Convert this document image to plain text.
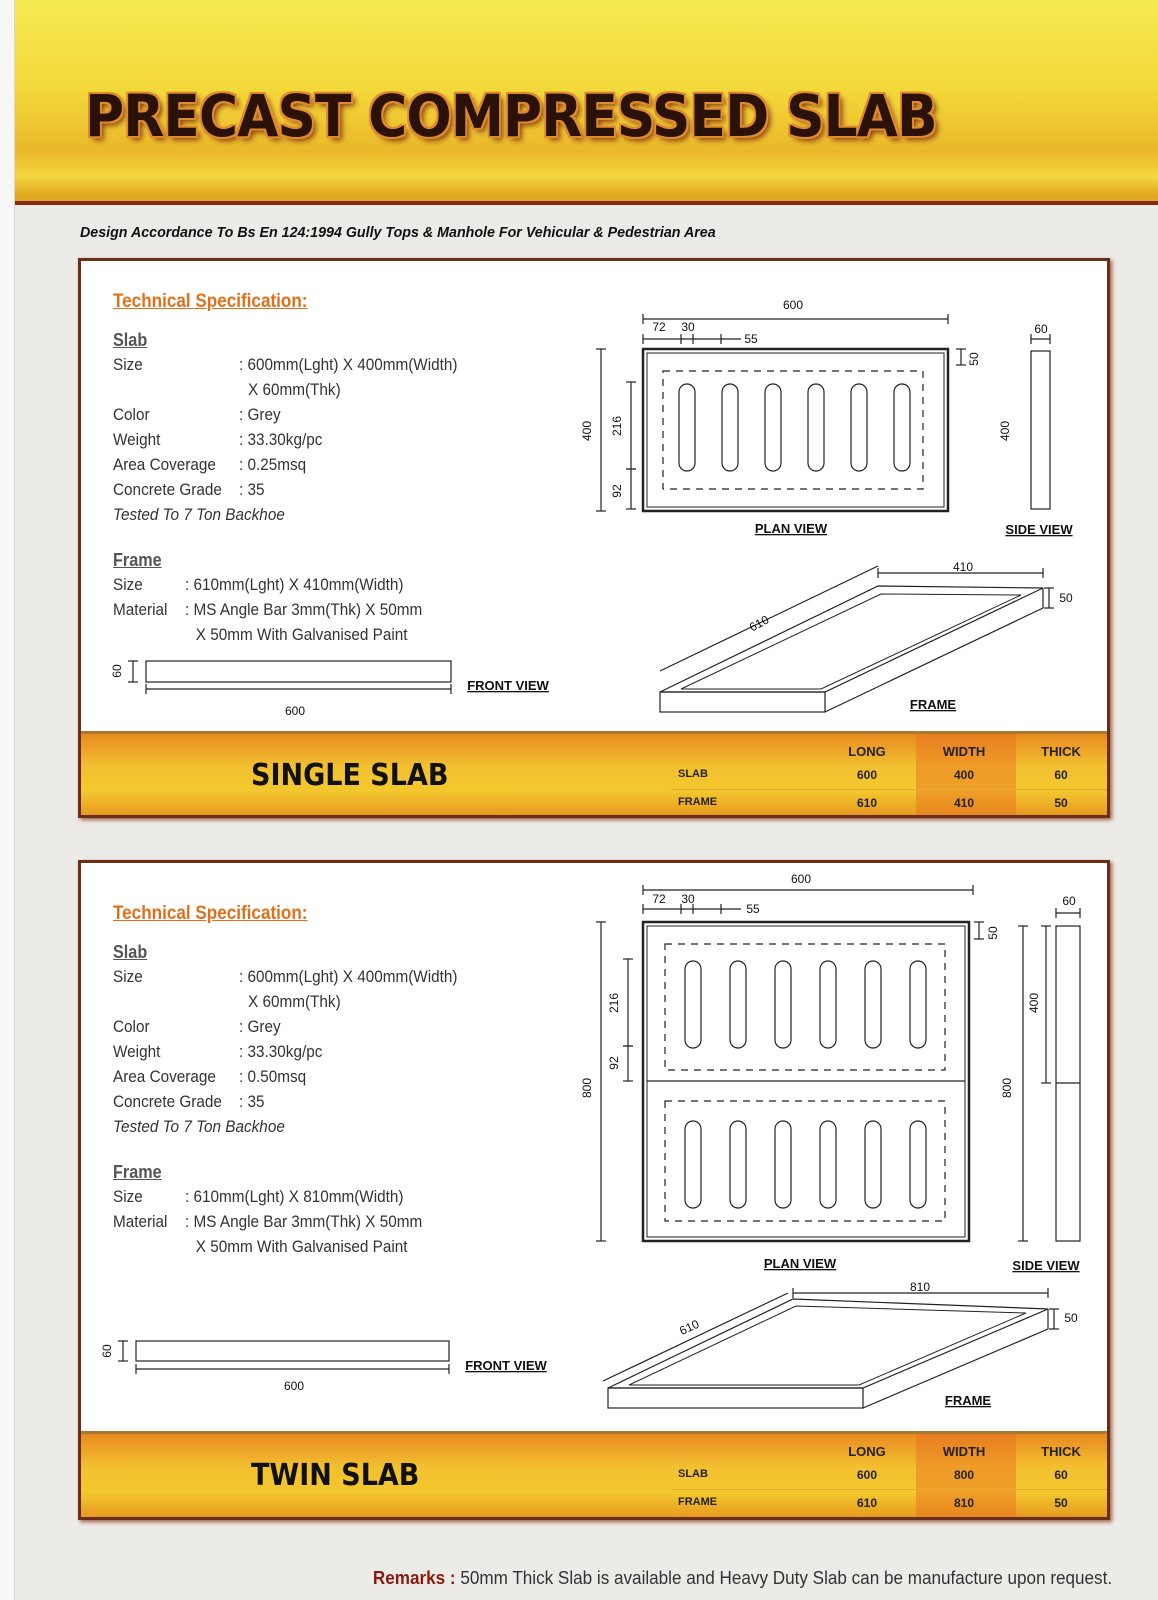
PRECAST COMPRESSED SLAB
Design Accordance To Bs En 124:1994 Gully Tops & Manhole For Vehicular & Pedestrian Area
Technical Specification:
Slab
Size	: 600mm(Lght) X 400mm(Width)
X 60mm(Thk)
Color	: Grey
Weight	: 33.30kg/pc
Area Coverage : 0.25msq
Concrete Grade : 35
Tested To 7 Ton Backhoe
Frame
Size : 610mm(Lght) X 410mm(Width)
Material : MS Angle Bar 3mm(Thk) X 50mm
X 50mm With Galvanised Paint
600
72 30
55
400 216
92
50
PLAN VIEW
60
400
SIDE VIEW
60
600
FRONT VIEW
410
610
50
FRAME
SINGLE SLAB
LONG	WIDTH	THICK
SLAB	600	400	60
FRAME	610	410	50
Technical Specification:
Slab
Size	: 600mm(Lght) X 400mm(Width)
X 60mm(Thk)
Color	: Grey
Weight	: 33.30kg/pc
Area Coverage : 0.50msq
Concrete Grade : 35
Tested To 7 Ton Backhoe
Frame
Size : 610mm(Lght) X 810mm(Width)
Material : MS Angle Bar 3mm(Thk) X 50mm
X 50mm With Galvanised Paint
600
72 30
55
800
216
92
50
PLAN VIEW
60
400
800
SIDE VIEW
60
600
FRONT VIEW
810
610	50
FRAME
TWIN SLAB
LONG	WIDTH	THICK
SLAB	600	800	60
FRAME	610	810	50
Remarks : 50mm Thick Slab is available and Heavy Duty Slab can be manufacture upon request.
